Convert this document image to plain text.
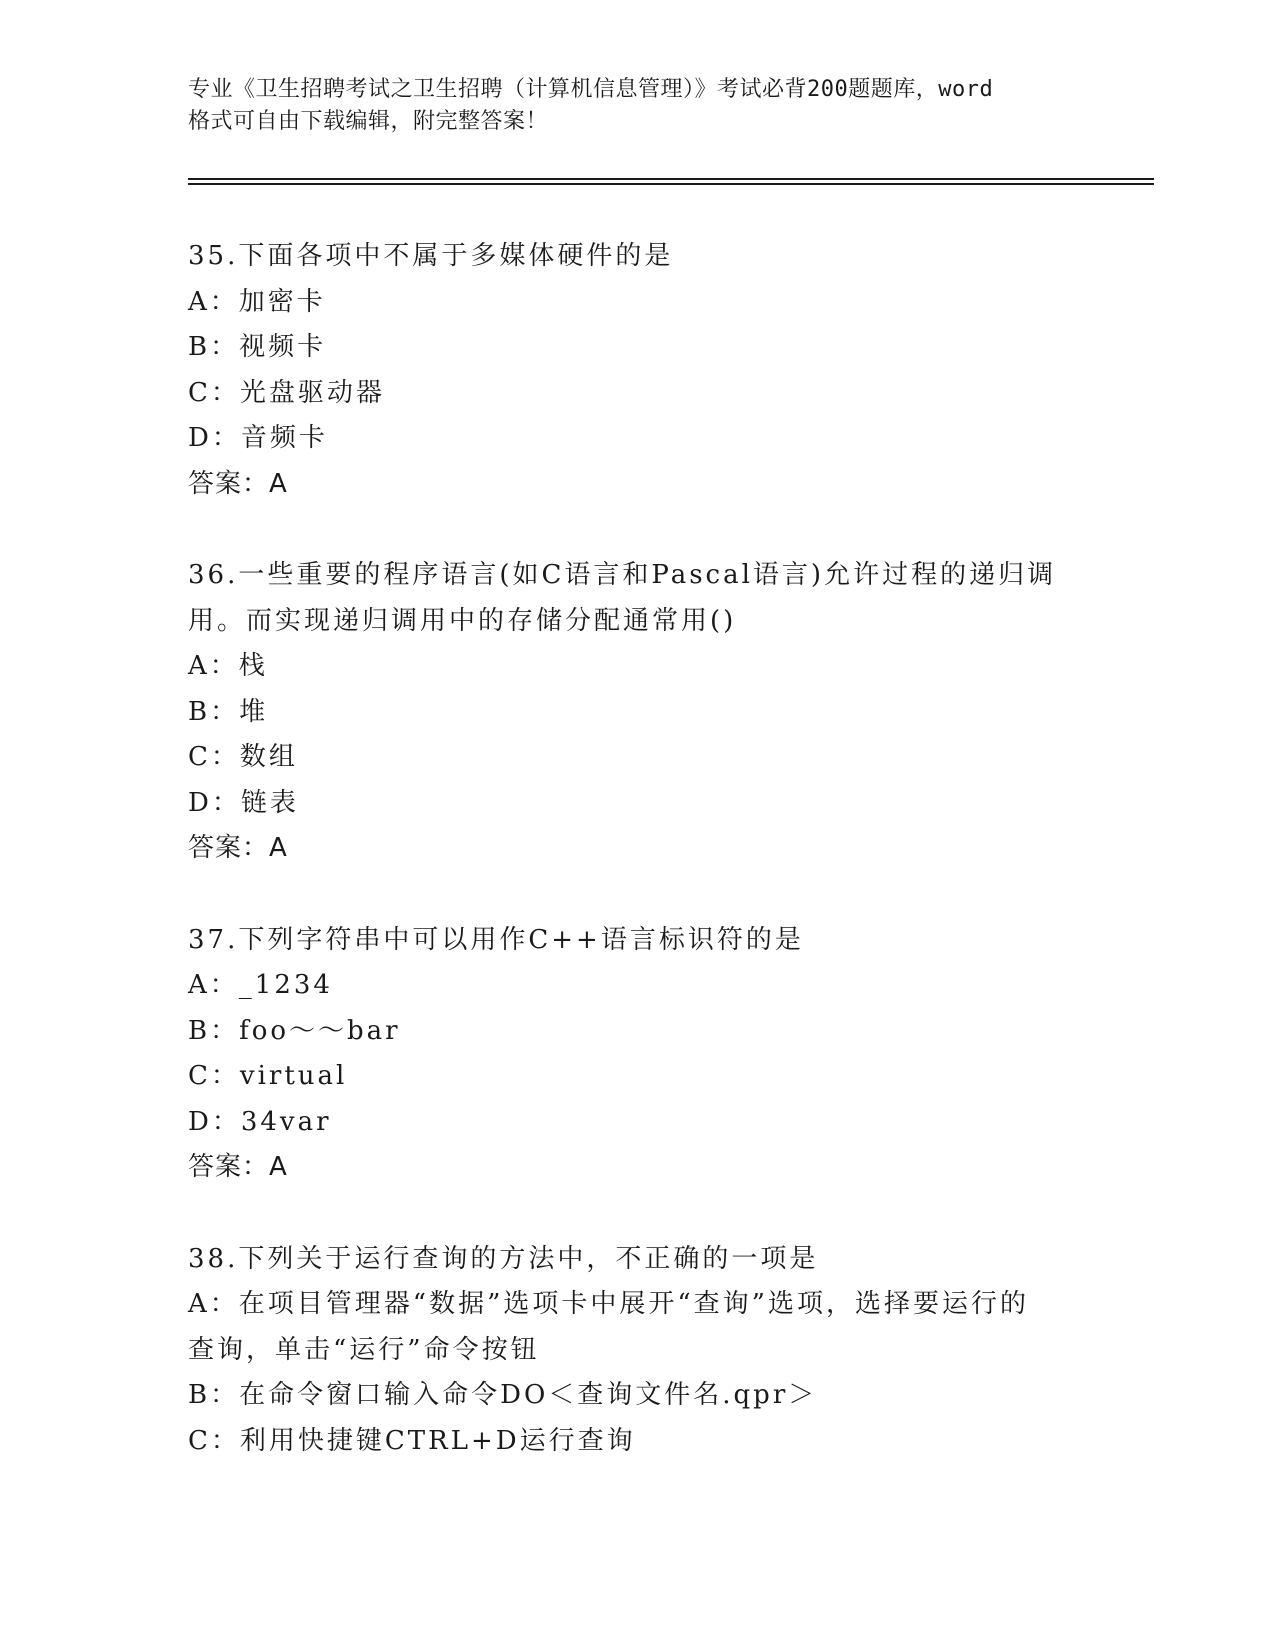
专业《卫生招聘考试之卫生招聘（计算机信息管理）》考试必背200题题库，word
格式可自由下载编辑，附完整答案！
35.下面各项中不属于多媒体硬件的是
A：加密卡
B：视频卡
C：光盘驱动器
D：音频卡
答案：A
36.一些重要的程序语言(如C语言和Pascal语言)允许过程的递归调
用。而实现递归调用中的存储分配通常用()
A：栈
B：堆
C：数组
D：链表
答案：A
37.下列字符串中可以用作C++语言标识符的是
A：_1234
B：foo～～bar
C：virtual
D：34var
答案：A
38.下列关于运行查询的方法中，不正确的一项是
A：在项目管理器“数据”选项卡中展开“查询”选项，选择要运行的
查询，单击“运行”命令按钮
B：在命令窗口输入命令DO＜查询文件名.qpr＞
C：利用快捷键CTRL+D运行查询
